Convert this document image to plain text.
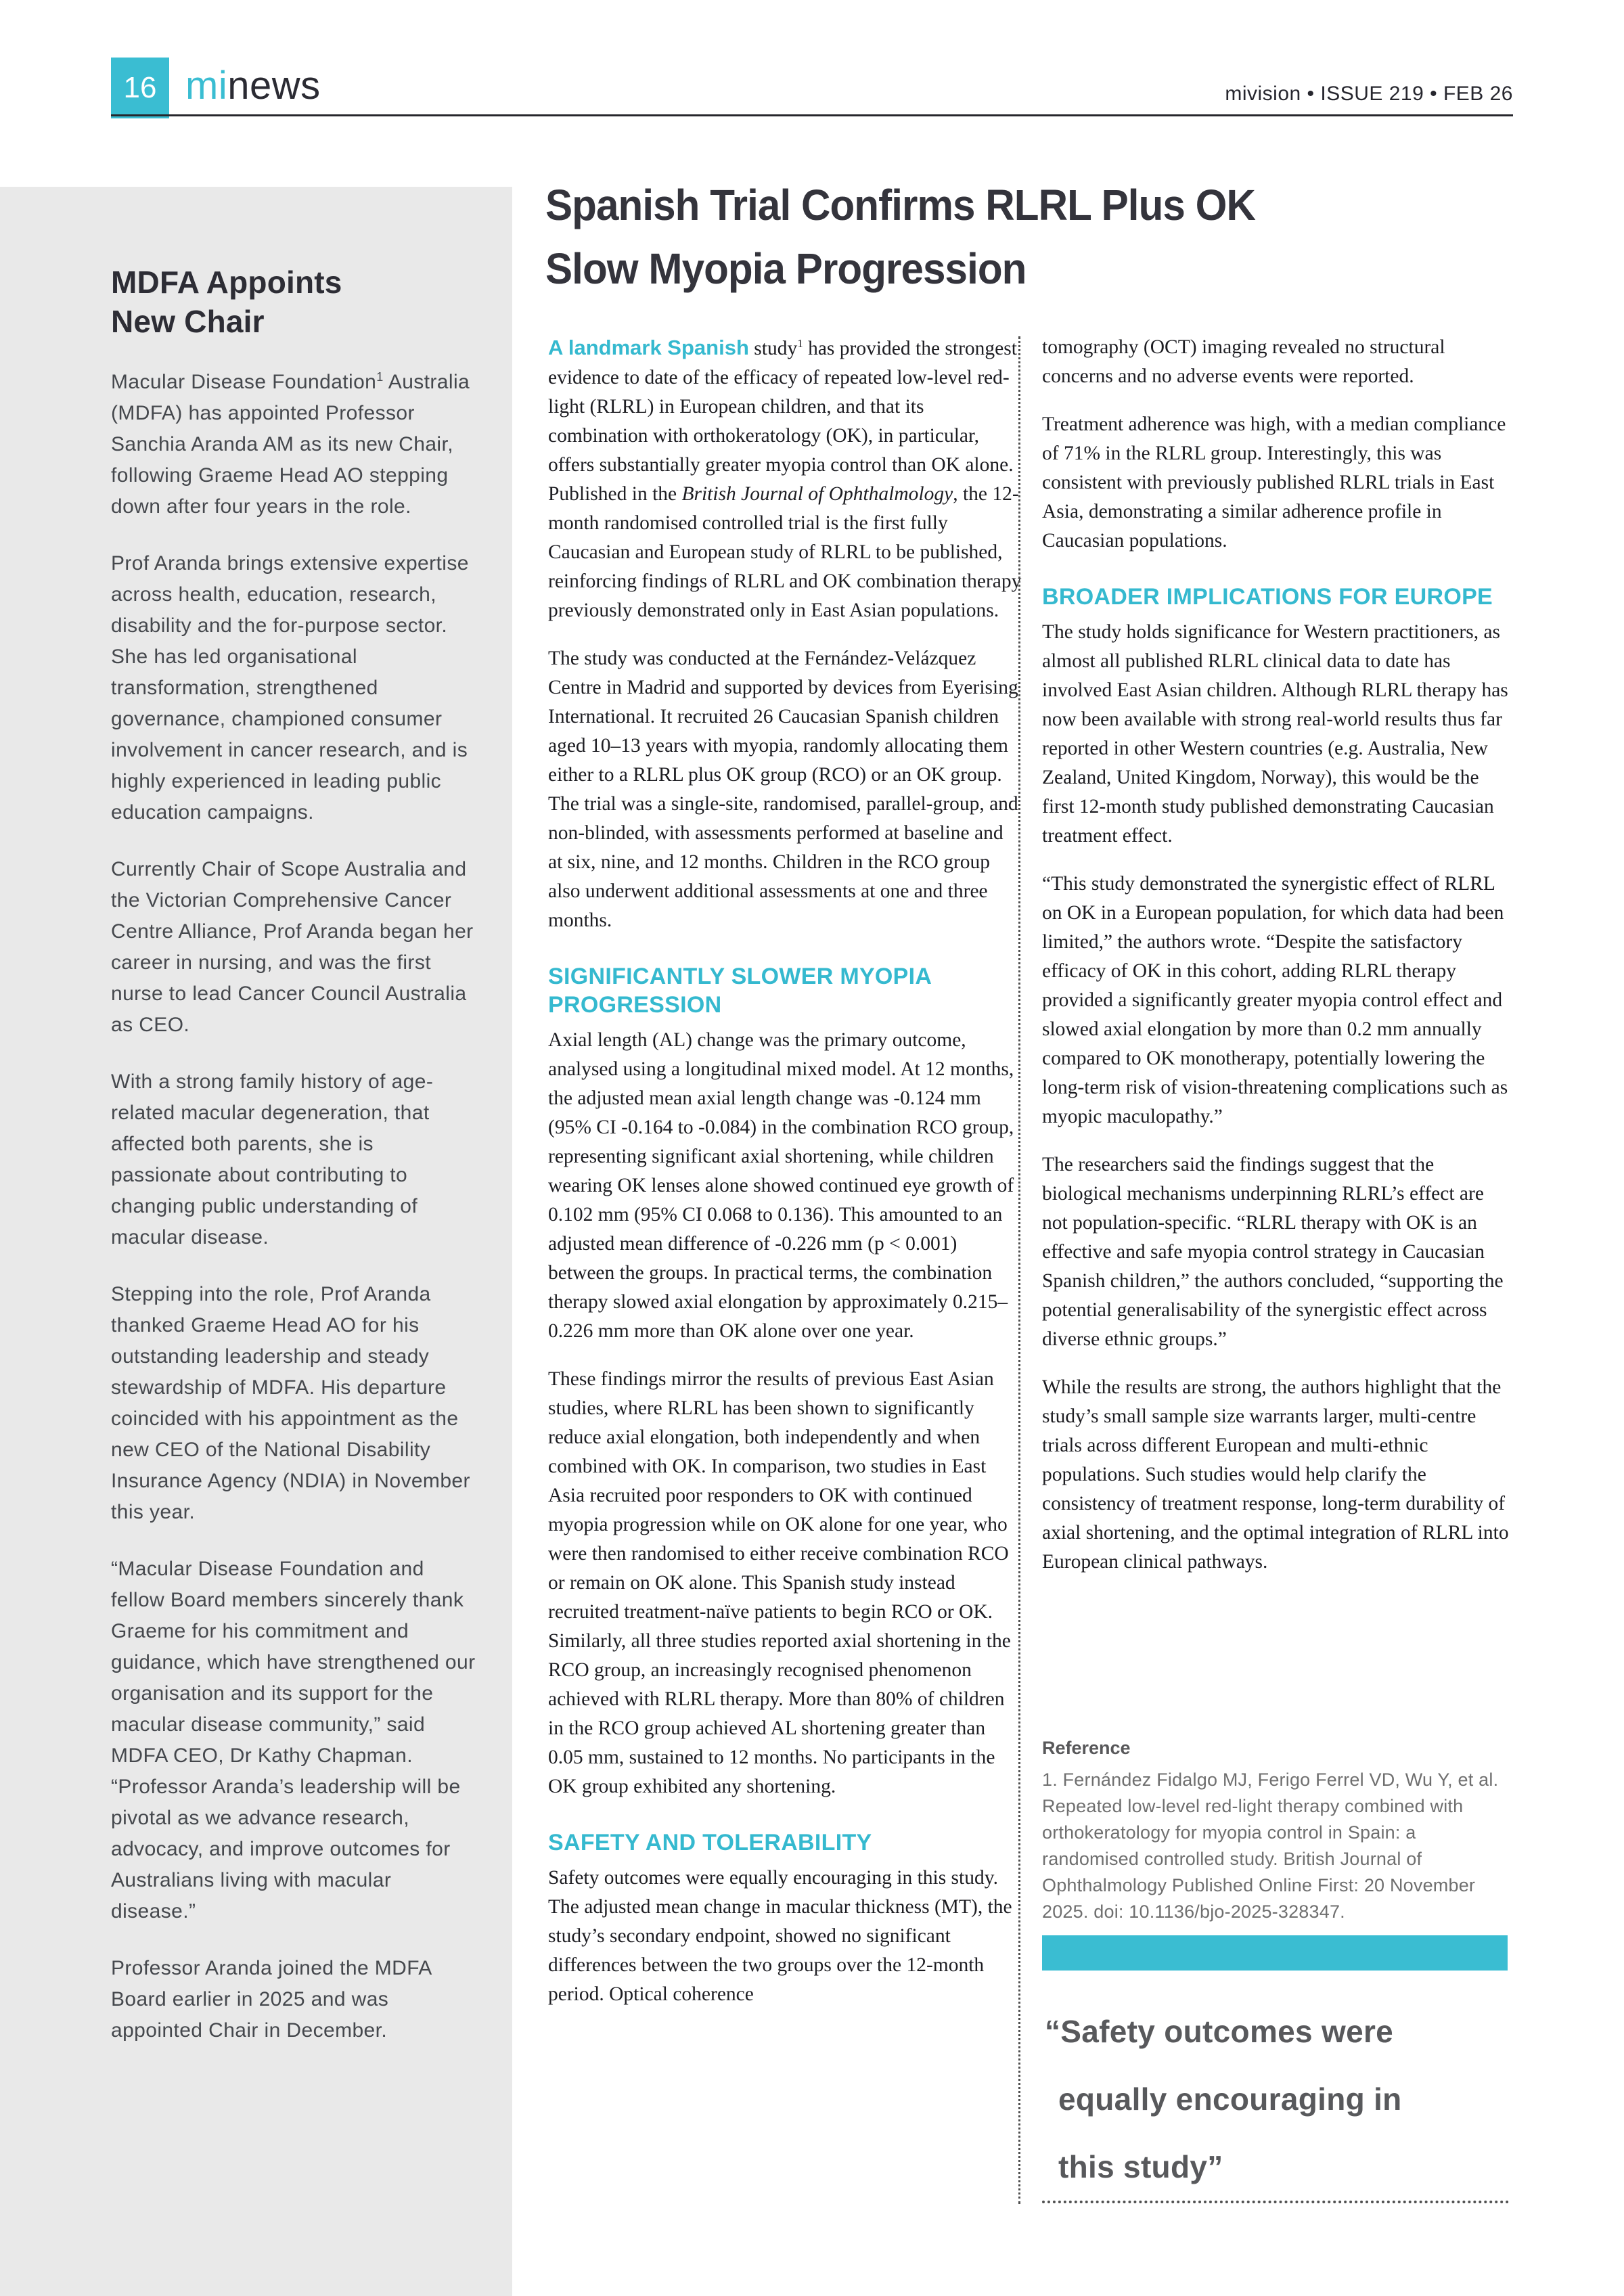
16 minews	mivision • ISSUE 219 • FEB 26
MDFA Appoints
New Chair

Macular Disease Foundation$^1$ Australia (MDFA) has appointed Professor Sanchia Aranda AM as its new Chair, following Graeme Head AO stepping down after four years in the role.

Prof Aranda brings extensive expertise across health, education, research, disability and the for-purpose sector. She has led organisational transformation, strengthened governance, championed consumer involvement in cancer research, and is highly experienced in leading public education campaigns.

Currently Chair of Scope Australia and the Victorian Comprehensive Cancer Centre Alliance, Prof Aranda began her career in nursing, and was the first nurse to lead Cancer Council Australia as CEO.

With a strong family history of age-related macular degeneration, that affected both parents, she is passionate about contributing to changing public understanding of macular disease.

Stepping into the role, Prof Aranda thanked Graeme Head AO for his outstanding leadership and steady stewardship of MDFA. His departure coincided with his appointment as the new CEO of the National Disability Insurance Agency (NDIA) in November this year.

“Macular Disease Foundation and fellow Board members sincerely thank Graeme for his commitment and guidance, which have strengthened our organisation and its support for the macular disease community,” said MDFA CEO, Dr Kathy Chapman. “Professor Aranda’s leadership will be pivotal as we advance research, advocacy, and improve outcomes for Australians living with macular disease.”

Professor Aranda joined the MDFA Board earlier in 2025 and was appointed Chair in December.

Spanish Trial Confirms RLRL Plus OK
Slow Myopia Progression

A landmark Spanish study$^1$ has provided the strongest evidence to date of the efficacy of repeated low-level red-light (RLRL) in European children, and that its combination with orthokeratology (OK), in particular, offers substantially greater myopia control than OK alone. Published in the British Journal of Ophthalmology, the 12-month randomised controlled trial is the first fully Caucasian and European study of RLRL to be published, reinforcing findings of RLRL and OK combination therapy previously demonstrated only in East Asian populations.

The study was conducted at the Fernández-Velázquez Centre in Madrid and supported by devices from Eyerising International. It recruited 26 Caucasian Spanish children aged 10–13 years with myopia, randomly allocating them either to a RLRL plus OK group (RCO) or an OK group. The trial was a single-site, randomised, parallel-group, and non-blinded, with assessments performed at baseline and at six, nine, and 12 months. Children in the RCO group also underwent additional assessments at one and three months.

SIGNIFICANTLY SLOWER MYOPIA PROGRESSION

Axial length (AL) change was the primary outcome, analysed using a longitudinal mixed model. At 12 months, the adjusted mean axial length change was -0.124 mm (95% CI -0.164 to -0.084) in the combination RCO group, representing significant axial shortening, while children wearing OK lenses alone showed continued eye growth of 0.102 mm (95% CI 0.068 to 0.136). This amounted to an adjusted mean difference of -0.226 mm (p < 0.001) between the groups. In practical terms, the combination therapy slowed axial elongation by approximately 0.215–0.226 mm more than OK alone over one year.

These findings mirror the results of previous East Asian studies, where RLRL has been shown to significantly reduce axial elongation, both independently and when combined with OK. In comparison, two studies in East Asia recruited poor responders to OK with continued myopia progression while on OK alone for one year, who were then randomised to either receive combination RCO or remain on OK alone. This Spanish study instead recruited treatment-naïve patients to begin RCO or OK. Similarly, all three studies reported axial shortening in the RCO group, an increasingly recognised phenomenon achieved with RLRL therapy. More than 80% of children in the RCO group achieved AL shortening greater than 0.05 mm, sustained to 12 months. No participants in the OK group exhibited any shortening.

SAFETY AND TOLERABILITY

Safety outcomes were equally encouraging in this study. The adjusted mean change in macular thickness (MT), the study’s secondary endpoint, showed no significant differences between the two groups over the 12-month period. Optical coherence

tomography (OCT) imaging revealed no structural concerns and no adverse events were reported.

Treatment adherence was high, with a median compliance of 71% in the RLRL group. Interestingly, this was consistent with previously published RLRL trials in East Asia, demonstrating a similar adherence profile in Caucasian populations.

BROADER IMPLICATIONS FOR EUROPE

The study holds significance for Western practitioners, as almost all published RLRL clinical data to date has involved East Asian children. Although RLRL therapy has now been available with strong real-world results thus far reported in other Western countries (e.g. Australia, New Zealand, United Kingdom, Norway), this would be the first 12-month study published demonstrating Caucasian treatment effect.

“This study demonstrated the synergistic effect of RLRL on OK in a European population, for which data had been limited,” the authors wrote. “Despite the satisfactory efficacy of OK in this cohort, adding RLRL therapy provided a significantly greater myopia control effect and slowed axial elongation by more than 0.2 mm annually compared to OK monotherapy, potentially lowering the long-term risk of vision-threatening complications such as myopic maculopathy.”

The researchers said the findings suggest that the biological mechanisms underpinning RLRL’s effect are not population-specific. “RLRL therapy with OK is an effective and safe myopia control strategy in Caucasian Spanish children,” the authors concluded, “supporting the potential generalisability of the synergistic effect across diverse ethnic groups.”

While the results are strong, the authors highlight that the study’s small sample size warrants larger, multi-centre trials across different European and multi-ethnic populations. Such studies would help clarify the consistency of treatment response, long-term durability of axial shortening, and the optimal integration of RLRL into European clinical pathways.

Reference
1. Fernández Fidalgo MJ, Ferigo Ferrel VD, Wu Y, et al. Repeated low-level red-light therapy combined with orthokeratology for myopia control in Spain: a randomised controlled study. British Journal of Ophthalmology Published Online First: 20 November 2025. doi: 10.1136/bjo-2025-328347.
“Safety outcomes were
equally encouraging in
this study”
